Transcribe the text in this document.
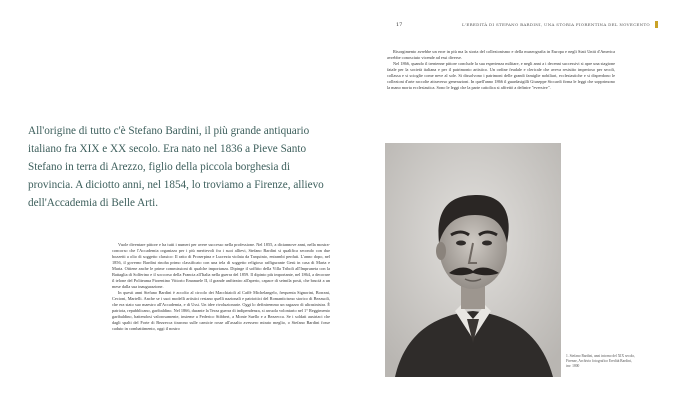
17	L'EREDITÀ DI STEFANO BARDINI, UNA STORIA FIORENTINA DEL NOVECENTO
All'origine di tutto c'è Stefano Bardini, il più grande antiquario italiano fra XIX e XX secolo. Era nato nel 1836 a Pieve Santo Stefano in terra di Arezzo, figlio della piccola borghesia di provincia. A diciotto anni, nel 1854, lo troviamo a Firenze, allievo dell'Accademia di Belle Arti.

Vuole diventare pittore e ha tutti i numeri per avere successo nella professione. Nel 1855, a diciannove anni, nella mostra-concorso che l'Accademia organizza per i più meritevoli fra i suoi allievi, Stefano Bardini si qualifica secondo con due bozzetti a olio di soggetto classico: Il ratto di Proserpina e Lucrezia violata da Tarquinio, entrambi perduti. L'anno dopo, nel 1856, il governo Bardini rinoha primo classificato con una tela di soggetto religioso raffigurante Gesù in casa di Marta e Maria. Ottiene anche le prime commissioni di qualche importanza. Dipinge il soffitto della Villa Triboli all'Impruneta con la Battaglia di Solferino e il soccorso della Francia all'Italia nella guerra del 1859. Il dipinto più importante, nel 1864, a decorare il telone del Politeama Fiorentino Vittorio Emanuele II, il grande anfiteatro all'aperto, capace di seimila posti, che brucià a un mese dalla sua inaugurazione.

In questi anni Stefano Bardini è accolto al circolo dei Macchiaioli al Caffè Michelangelo, frequenta Signorini, Borrani, Cecioni, Martelli. Anche se i suoi modelli artistici restano quelli nazionali e patriottici del Romanticismo storico di Bezzuoli, che era stato suo maestro all'Accademia, e di Ussi. Un idee rivoluzionarie. Oggi lo definiremmo un ragazzo di ultrasinistra. È patriota, repubblicano, garibaldino. Nel 1866, durante la Terza guerra di indipendenza, si arruola volontario nel 1° Reggimento garibaldino, battendosi valorosamente, insieme a Federico Stibbert, a Monte Suello e a Bezzecca. Se i soldati austriaci che dagli spalti del Forte di Bezzecca tirarono sulle camicie rosse all'assalto avessero mirato meglio, o Stefano Bardini fosse caduto in combattimento, oggi il nostro

Risorgimento avrebbe un eroe in più ma la storia del collezionismo e della museografia in Europa e negli Stati Uniti d'America avrebbe conosciuto vicende ad essi diverse.

Nel 1866, quando il trentenne pittore conclude la sua esperienza militare, e negli anni a i decenni successivi si apre una stagione fatale per la società italiana e per il patrimonio artistico. Un ordine feudale e clericale che aveva resistito imperioso per secoli, collassa e si scioglie come neve al sole. Si dissolvono i patrimoni delle grandi famiglie nobiliari, ecclesiastiche e si disperdono le collezioni d'arte raccolte attraverso generazioni. In quell'anno 1866 il guardasigilli Giuseppe Siccardi firma le leggi che sopprimono la mano morta ecclesiastica. Sono le leggi che la parte cattolica si affrettò a definire "eversive".

1. Stefano Bardini, anni intorno del XIX secolo, Firenze, Archivio fotografico Eredità Bardini, inv. 1800
